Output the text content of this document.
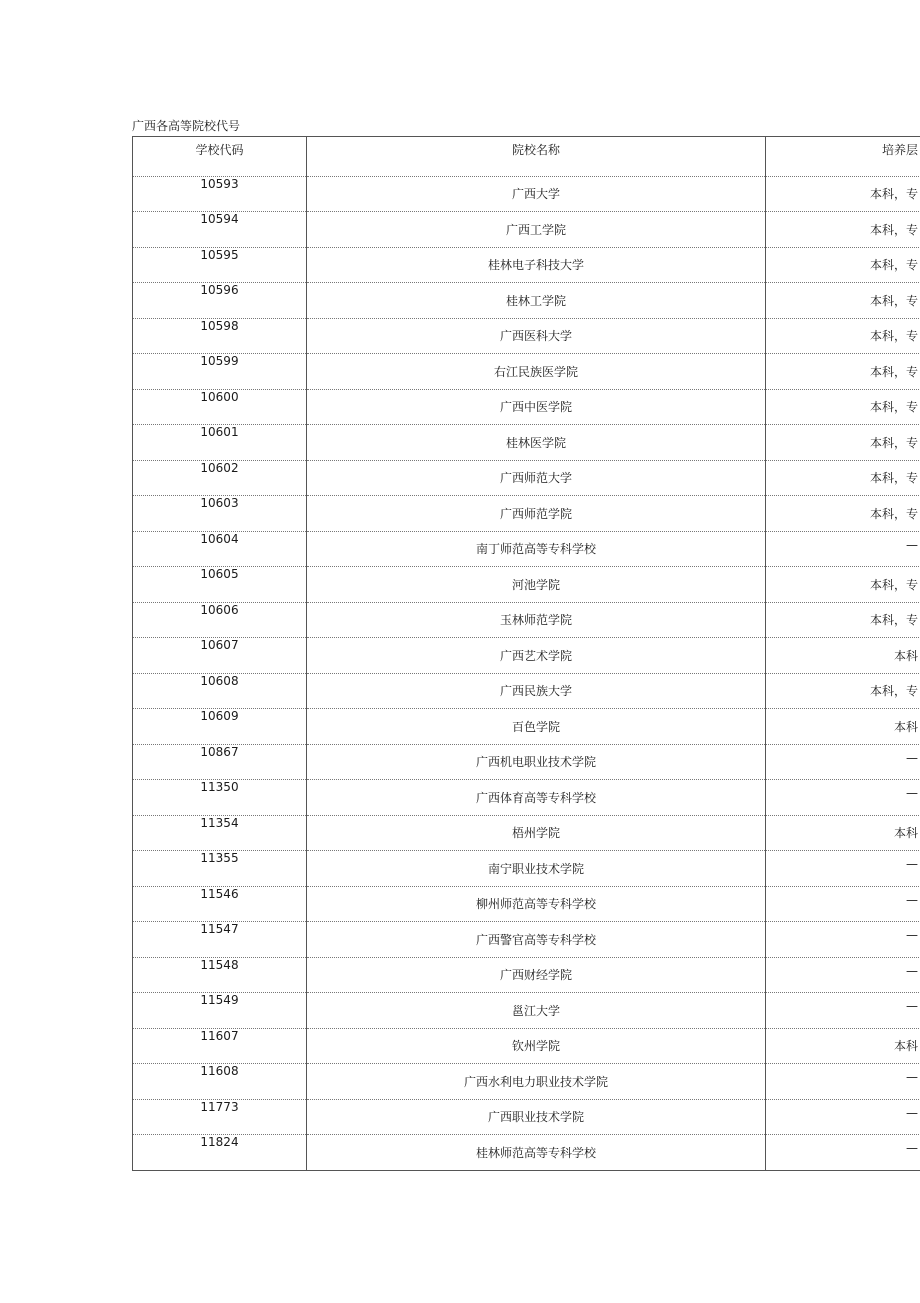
广西各高等院校代号
学校代码	院校名称	培养层

10593	广西大学	本科，专

10594	广西工学院	本科，专

10595	桂林电子科技大学	本科，专

10596	桂林工学院	本科，专

10598	广西医科大学	本科，专

10599	右江民族医学院	本科，专

10600	广西中医学院	本科，专

10601	桂林医学院	本科，专

10602	广西师范大学	本科，专

10603	广西师范学院	本科，专

10604	南丁师范高等专科学校	—

10605	河池学院	本科，专

10606	玉林师范学院	本科，专

10607	广西艺术学院	本科

10608	广西民族大学	本科，专

10609	百色学院	本科

10867	广西机电职业技术学院	—

11350	广西体育高等专科学校	—

11354	梧州学院	本科

11355	南宁职业技术学院	—

11546	柳州师范高等专科学校	—

11547	广西警官高等专科学校	—

11548	广西财经学院	—

11549	邕江大学	—

11607	钦州学院	本科

11608	广西水利电力职业技术学院	—

11773	广西职业技术学院	—

11824	桂林师范高等专科学校	—
